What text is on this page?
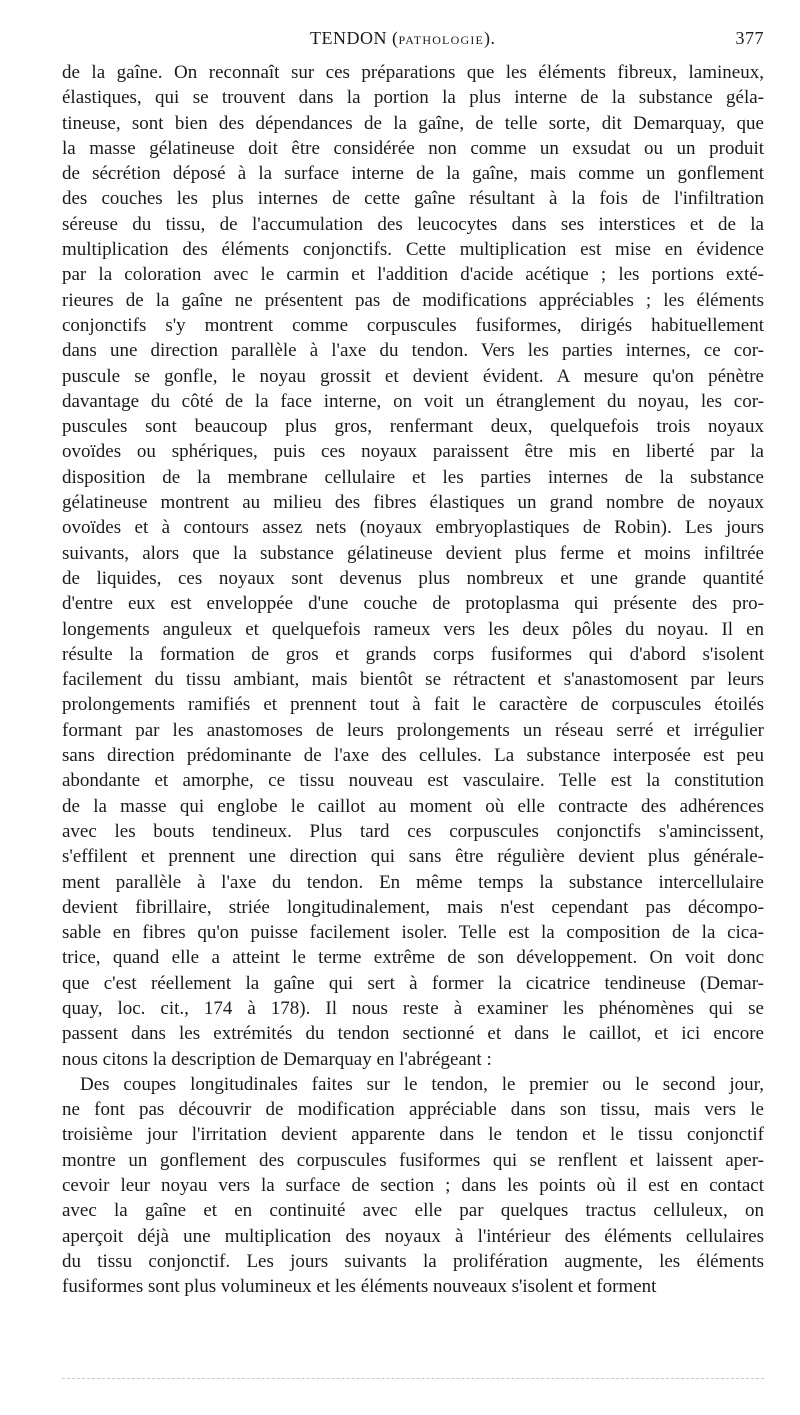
TENDON (PATHOLOGIE).	377
de la gaîne. On reconnaît sur ces préparations que les éléments fibreux, lamineux,
élastiques, qui se trouvent dans la portion la plus interne de la substance géla-
tineuse, sont bien des dépendances de la gaîne, de telle sorte, dit Demarquay, que
la masse gélatineuse doit être considérée non comme un exsudat ou un produit
de sécrétion déposé à la surface interne de la gaîne, mais comme un gonflement
des couches les plus internes de cette gaîne résultant à la fois de l'infiltration
séreuse du tissu, de l'accumulation des leucocytes dans ses interstices et de la
multiplication des éléments conjonctifs. Cette multiplication est mise en évidence
par la coloration avec le carmin et l'addition d'acide acétique ; les portions exté-
rieures de la gaîne ne présentent pas de modifications appréciables ; les éléments
conjonctifs s'y montrent comme corpuscules fusiformes, dirigés habituellement
dans une direction parallèle à l'axe du tendon. Vers les parties internes, ce cor-
puscule se gonfle, le noyau grossit et devient évident. A mesure qu'on pénètre
davantage du côté de la face interne, on voit un étranglement du noyau, les cor-
puscules sont beaucoup plus gros, renfermant deux, quelquefois trois noyaux
ovoïdes ou sphériques, puis ces noyaux paraissent être mis en liberté par la
disposition de la membrane cellulaire et les parties internes de la substance
gélatineuse montrent au milieu des fibres élastiques un grand nombre de noyaux
ovoïdes et à contours assez nets (noyaux embryoplastiques de Robin). Les jours
suivants, alors que la substance gélatineuse devient plus ferme et moins infiltrée
de liquides, ces noyaux sont devenus plus nombreux et une grande quantité
d'entre eux est enveloppée d'une couche de protoplasma qui présente des pro-
longements anguleux et quelquefois rameux vers les deux pôles du noyau. Il en
résulte la formation de gros et grands corps fusiformes qui d'abord s'isolent
facilement du tissu ambiant, mais bientôt se rétractent et s'anastomosent par leurs
prolongements ramifiés et prennent tout à fait le caractère de corpuscules étoilés
formant par les anastomoses de leurs prolongements un réseau serré et irrégulier
sans direction prédominante de l'axe des cellules. La substance interposée est peu
abondante et amorphe, ce tissu nouveau est vasculaire. Telle est la constitution
de la masse qui englobe le caillot au moment où elle contracte des adhérences
avec les bouts tendineux. Plus tard ces corpuscules conjonctifs s'amincissent,
s'effilent et prennent une direction qui sans être régulière devient plus générale-
ment parallèle à l'axe du tendon. En même temps la substance intercellulaire
devient fibrillaire, striée longitudinalement, mais n'est cependant pas décompo-
sable en fibres qu'on puisse facilement isoler. Telle est la composition de la cica-
trice, quand elle a atteint le terme extrême de son développement. On voit donc
que c'est réellement la gaîne qui sert à former la cicatrice tendineuse (Demar-
quay, loc. cit., 174 à 178). Il nous reste à examiner les phénomènes qui se
passent dans les extrémités du tendon sectionné et dans le caillot, et ici encore
nous citons la description de Demarquay en l'abrégeant :
Des coupes longitudinales faites sur le tendon, le premier ou le second jour,
ne font pas découvrir de modification appréciable dans son tissu, mais vers le
troisième jour l'irritation devient apparente dans le tendon et le tissu conjonctif
montre un gonflement des corpuscules fusiformes qui se renflent et laissent aper-
cevoir leur noyau vers la surface de section ; dans les points où il est en contact
avec la gaîne et en continuité avec elle par quelques tractus celluleux, on
aperçoit déjà une multiplication des noyaux à l'intérieur des éléments cellulaires
du tissu conjonctif. Les jours suivants la prolifération augmente, les éléments
fusiformes sont plus volumineux et les éléments nouveaux s'isolent et forment
